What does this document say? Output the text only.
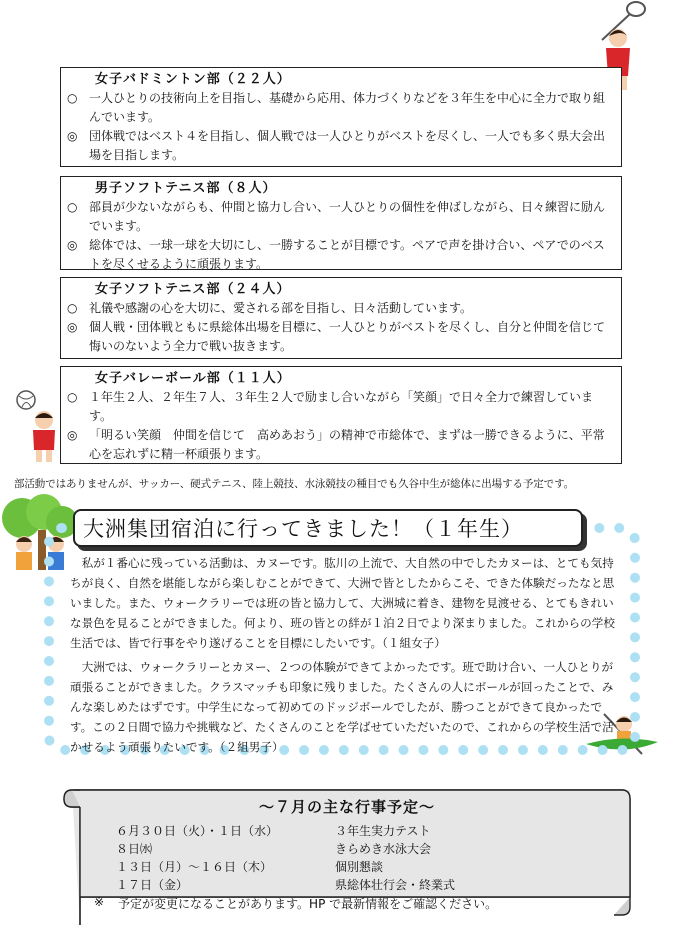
女子バドミントン部（２２人）
○ 一人ひとりの技術向上を目指し、基礎から応用、体力づくりなどを３年生を中心に全力で取り組んでいます。
◎ 団体戦ではベスト４を目指し、個人戦では一人ひとりがベストを尽くし、一人でも多く県大会出場を目指します。
男子ソフトテニス部（８人）
○ 部員が少ないながらも、仲間と協力し合い、一人ひとりの個性を伸ばしながら、日々練習に励んでいます。
◎ 総体では、一球一球を大切にし、一勝することが目標です。ペアで声を掛け合い、ペアでのベストを尽くせるように頑張ります。
女子ソフトテニス部（２４人）
○ 礼儀や感謝の心を大切に、愛される部を目指し、日々活動しています。
◎ 個人戦・団体戦ともに県総体出場を目標に、一人ひとりがベストを尽くし、自分と仲間を信じて悔いのないよう全力で戦い抜きます。
女子バレーボール部（１１人）
○ １年生２人、２年生７人、３年生２人で励まし合いながら「笑顔」で日々全力で練習しています。
◎ 「明るい笑顔　仲間を信じて　高めあおう」の精神で市総体で、まずは一勝できるように、平常心を忘れずに精一杯頑張ります。
部活動ではありませんが、サッカー、硬式テニス、陸上競技、水泳競技の種目でも久谷中生が総体に出場する予定です。
大洲集団宿泊に行ってきました！（１年生）

私が１番心に残っている活動は、カヌーです。肱川の上流で、大自然の中でしたカヌーは、とても気持ちが良く、自然を堪能しながら楽しむことができて、大洲で皆としたからこそ、できた体験だったなと思いました。また、ウォークラリーでは班の皆と協力して、大洲城に着き、建物を見渡せる、とてもきれいな景色を見ることができました。何より、班の皆との絆が１泊２日でより深まりました。これからの学校生活では、皆で行事をやり遂げることを目標にしたいです。（１組女子）

大洲では、ウォークラリーとカヌー、２つの体験ができてよかったです。班で助け合い、一人ひとりが頑張ることができました。クラスマッチも印象に残りました。たくさんの人にボールが回ったことで、みんな楽しめたはずです。中学生になって初めてのドッジボールでしたが、勝つことができて良かったです。この２日間で協力や挑戦など、たくさんのことを学ばせていただいたので、これからの学校生活で活かせるよう頑張りたいです。（２組男子）

～７月の主な行事予定～
６月３０日（火）・１日（水）	３年生実力テスト
８日㈬	きらめき水泳大会
１３日（月）～１６日（木）	個別懇談
１７日（金）	県総体壮行会・終業式
※ 予定が変更になることがあります。HP で最新情報をご確認ください。
